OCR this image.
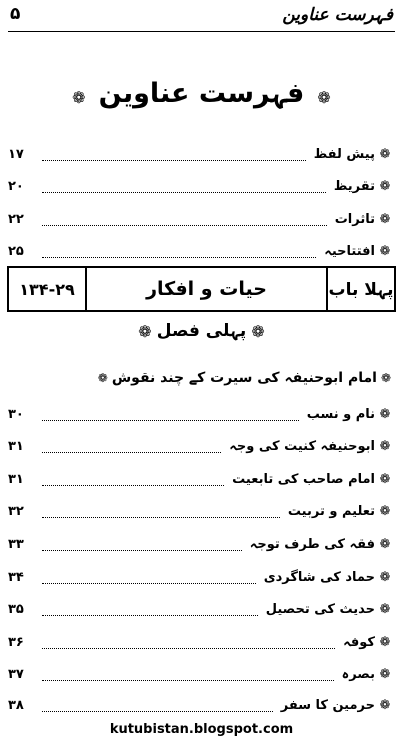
۵	فہرست عناوین
❁ فہرست عناوین ❁
❁
پیش لفظ
۱۷
❁
تقریظ
۲۰
❁
تاثرات
۲۲
❁
افتتاحیہ
۲۵
پہلا باب
حیات و افکار
۱۳۴-۲۹
❁ پہلی فصل ❁
❁
امام ابوحنیفہ کی سیرت کے چند نقوش
❁
❁
نام و نسب
۳۰
❁
ابوحنیفہ کنیت کی وجہ
۳۱
❁
امام صاحب کی تابعیت
۳۱
❁
تعلیم و تربیت
۳۲
❁
فقہ کی طرف توجہ
۳۳
❁
حماد کی شاگردی
۳۴
❁
حدیث کی تحصیل
۳۵
❁
کوفہ
۳۶
❁
بصرہ
۳۷
❁
حرمین کا سفر
۳۸
kutubistan.blogspot.com
